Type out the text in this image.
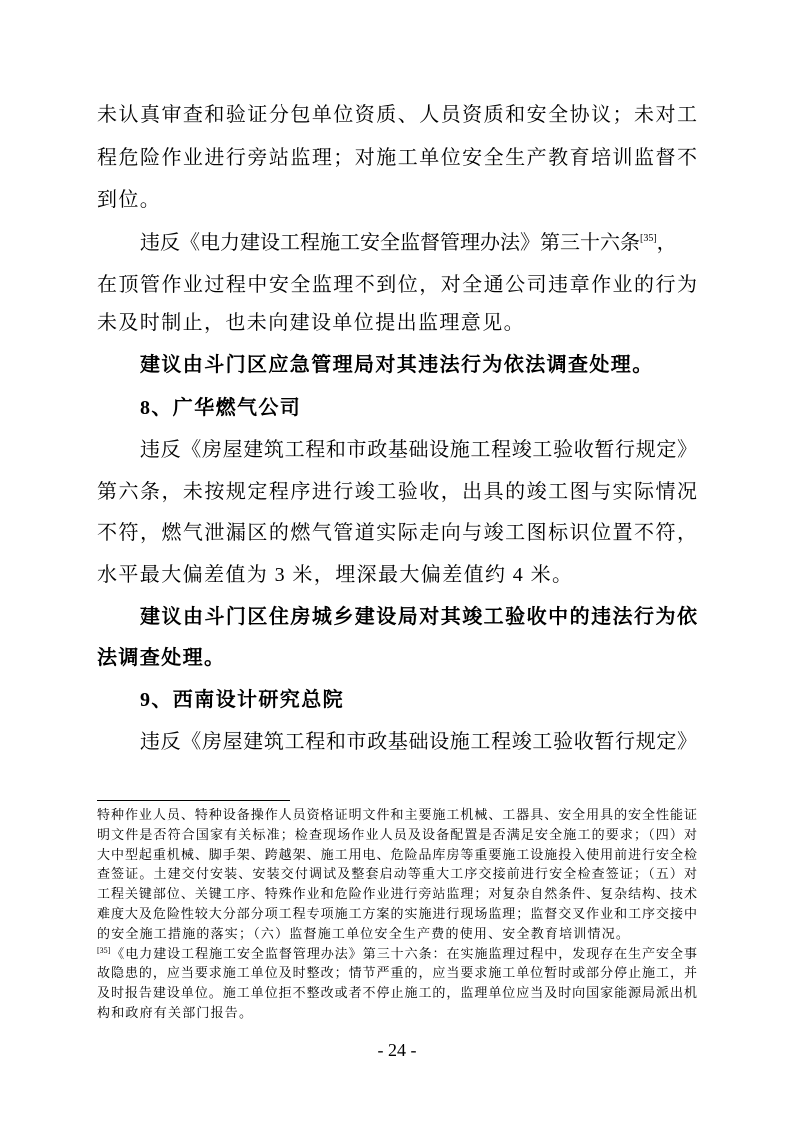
未认真审查和验证分包单位资质、人员资质和安全协议；未对工
程危险作业进行旁站监理；对施工单位安全生产教育培训监督不
到位。
违反《电力建设工程施工安全监督管理办法》第三十六条[35]，
在顶管作业过程中安全监理不到位，对全通公司违章作业的行为
未及时制止，也未向建设单位提出监理意见。
建议由斗门区应急管理局对其违法行为依法调查处理。
8、广华燃气公司
违反《房屋建筑工程和市政基础设施工程竣工验收暂行规定》
第六条，未按规定程序进行竣工验收，出具的竣工图与实际情况
不符，燃气泄漏区的燃气管道实际走向与竣工图标识位置不符，
水平最大偏差值为 3 米，埋深最大偏差值约 4 米。
建议由斗门区住房城乡建设局对其竣工验收中的违法行为依
法调查处理。
9、西南设计研究总院
违反《房屋建筑工程和市政基础设施工程竣工验收暂行规定》
特种作业人员、特种设备操作人员资格证明文件和主要施工机械、工器具、安全用具的安全性能证
明文件是否符合国家有关标准；检查现场作业人员及设备配置是否满足安全施工的要求；（四）对
大中型起重机械、脚手架、跨越架、施工用电、危险品库房等重要施工设施投入使用前进行安全检
查签证。土建交付安装、安装交付调试及整套启动等重大工序交接前进行安全检查签证；（五）对
工程关键部位、关键工序、特殊作业和危险作业进行旁站监理；对复杂自然条件、复杂结构、技术
难度大及危险性较大分部分项工程专项施工方案的实施进行现场监理；监督交叉作业和工序交接中
的安全施工措施的落实；（六）监督施工单位安全生产费的使用、安全教育培训情况。
[35]《电力建设工程施工安全监督管理办法》第三十六条：在实施监理过程中，发现存在生产安全事
故隐患的，应当要求施工单位及时整改；情节严重的，应当要求施工单位暂时或部分停止施工，并
及时报告建设单位。施工单位拒不整改或者不停止施工的，监理单位应当及时向国家能源局派出机
构和政府有关部门报告。
- 24 -
